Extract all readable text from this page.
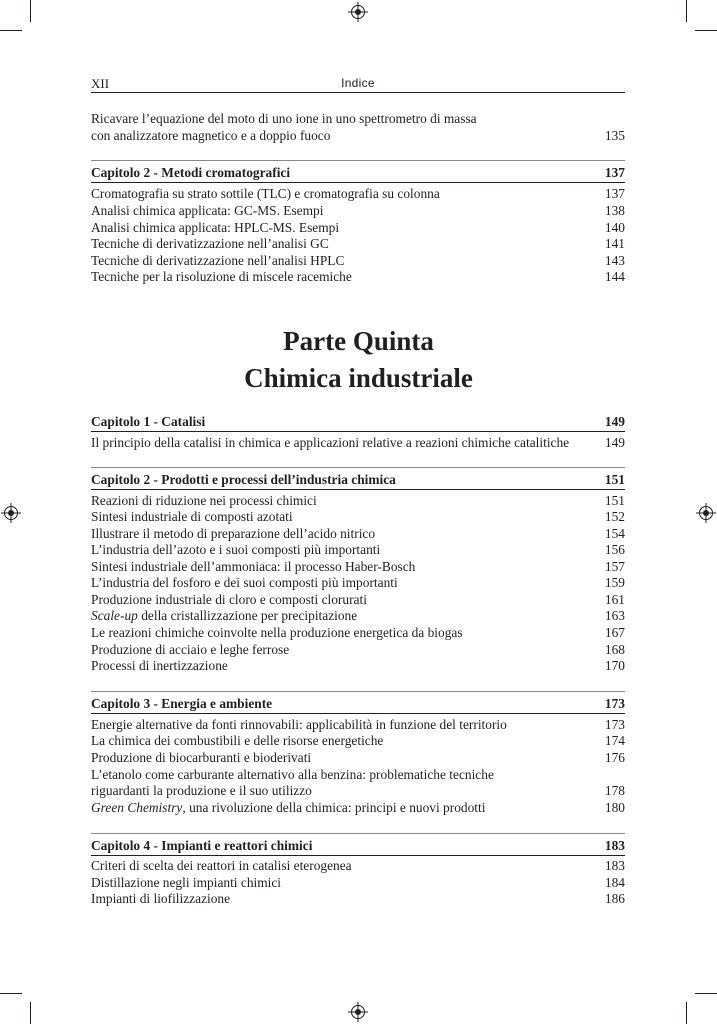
XII	Indice
Ricavare l’equazione del moto di uno ione in uno spettrometro di massa
con analizzatore magnetico e a doppio fuoco	135
Capitolo 2 - Metodi cromatografici	137
Cromatografia su strato sottile (TLC) e cromatografia su colonna	137
Analisi chimica applicata: GC-MS. Esempi	138
Analisi chimica applicata: HPLC-MS. Esempi	140
Tecniche di derivatizzazione nell’analisi GC	141
Tecniche di derivatizzazione nell’analisi HPLC	143
Tecniche per la risoluzione di miscele racemiche	144
Parte Quinta
Chimica industriale
Capitolo 1 - Catalisi	149
Il principio della catalisi in chimica e applicazioni relative a reazioni chimiche catalitiche	149
Capitolo 2 - Prodotti e processi dell’industria chimica	151
Reazioni di riduzione nei processi chimici	151
Sintesi industriale di composti azotati	152
Illustrare il metodo di preparazione dell’acido nitrico	154
L’industria dell’azoto e i suoi composti più importanti	156
Sintesi industriale dell’ammoniaca: il processo Haber-Bosch	157
L’industria del fosforo e dei suoi composti più importanti	159
Produzione industriale di cloro e composti clorurati	161
Scale-up della cristallizzazione per precipitazione	163
Le reazioni chimiche coinvolte nella produzione energetica da biogas	167
Produzione di acciaio e leghe ferrose	168
Processi di inertizzazione	170
Capitolo 3 - Energia e ambiente	173
Energie alternative da fonti rinnovabili: applicabilità in funzione del territorio	173
La chimica dei combustibili e delle risorse energetiche	174
Produzione di biocarburanti e bioderivati	176
L’etanolo come carburante alternativo alla benzina: problematiche tecniche
riguardanti la produzione e il suo utilizzo	178
Green Chemistry, una rivoluzione della chimica: principi e nuovi prodotti	180
Capitolo 4 - Impianti e reattori chimici	183
Criteri di scelta dei reattori in catalisi eterogenea	183
Distillazione negli impianti chimici	184
Impianti di liofilizzazione	186
